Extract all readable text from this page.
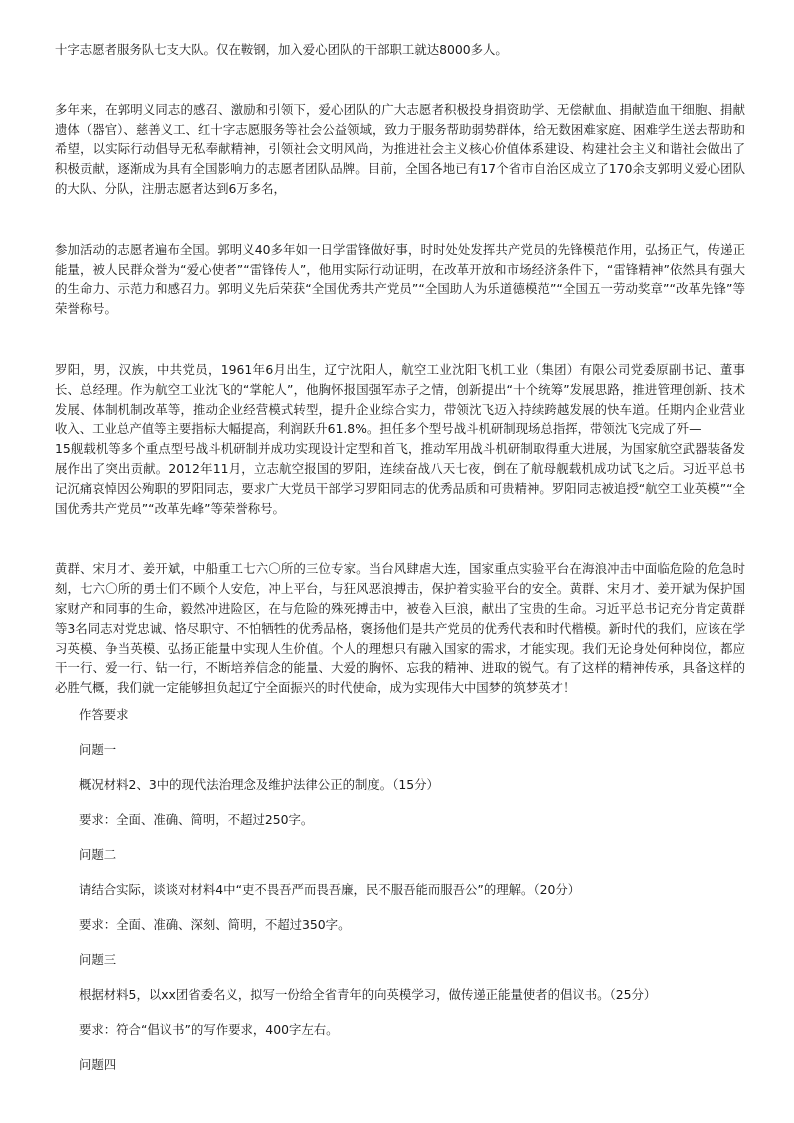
十字志愿者服务队七支大队。仅在鞍钢，加入爱心团队的干部职工就达8000多人。

多年来，在郭明义同志的感召、激励和引领下，爱心团队的广大志愿者积极投身捐资助学、无偿献血、捐献造血干细胞、捐献遗体（器官）、慈善义工、红十字志愿服务等社会公益领域，致力于服务帮助弱势群体，给无数困难家庭、困难学生送去帮助和希望，以实际行动倡导无私奉献精神，引领社会文明风尚，为推进社会主义核心价值体系建设、构建社会主义和谐社会做出了积极贡献，逐渐成为具有全国影响力的志愿者团队品牌。目前，全国各地已有17个省市自治区成立了170余支郭明义爱心团队的大队、分队，注册志愿者达到6万多名，

参加活动的志愿者遍布全国。郭明义40多年如一日学雷锋做好事，时时处处发挥共产党员的先锋模范作用，弘扬正气，传递正能量，被人民群众誉为“爱心使者”“雷锋传人”，他用实际行动证明，在改革开放和市场经济条件下，“雷锋精神”依然具有强大的生命力、示范力和感召力。郭明义先后荣获“全国优秀共产党员”“全国助人为乐道德模范”“全国五一劳动奖章”“改革先锋”等荣誉称号。

罗阳，男，汉族，中共党员，1961年6月出生，辽宁沈阳人，航空工业沈阳飞机工业（集团）有限公司党委原副书记、董事长、总经理。作为航空工业沈飞的“掌舵人”，他胸怀报国强军赤子之情，创新提出“十个统筹”发展思路，推进管理创新、技术发展、体制机制改革等，推动企业经营模式转型，提升企业综合实力，带领沈飞迈入持续跨越发展的快车道。任期内企业营业收入、工业总产值等主要指标大幅提高，利润跃升61.8%。担任多个型号战斗机研制现场总指挥，带领沈飞完成了歼—
15舰载机等多个重点型号战斗机研制并成功实现设计定型和首飞，推动军用战斗机研制取得重大进展，为国家航空武器装备发展作出了突出贡献。2012年11月，立志航空报国的罗阳，连续奋战八天七夜，倒在了航母舰载机成功试飞之后。习近平总书记沉痛哀悼因公殉职的罗阳同志，要求广大党员干部学习罗阳同志的优秀品质和可贵精神。罗阳同志被追授“航空工业英模”“全国优秀共产党员”“改革先峰”等荣誉称号。

黄群、宋月才、姜开斌，中船重工七六〇所的三位专家。当台风肆虐大连，国家重点实验平台在海浪冲击中面临危险的危急时刻，七六〇所的勇士们不顾个人安危，冲上平台，与狂风恶浪搏击，保护着实验平台的安全。黄群、宋月才、姜开斌为保护国家财产和同事的生命，毅然冲进险区，在与危险的殊死搏击中，被卷入巨浪，献出了宝贵的生命。习近平总书记充分肯定黄群等3名同志对党忠诚、恪尽职守、不怕牺牲的优秀品格，褒扬他们是共产党员的优秀代表和时代楷模。新时代的我们，应该在学习英模、争当英模、弘扬正能量中实现人生价值。个人的理想只有融入国家的需求，才能实现。我们无论身处何种岗位，都应干一行、爱一行、钻一行，不断培养信念的能量、大爱的胸怀、忘我的精神、进取的锐气。有了这样的精神传承，具备这样的必胜气概，我们就一定能够担负起辽宁全面振兴的时代使命，成为实现伟大中国梦的筑梦英才！

作答要求

问题一

概况材料2、3中的现代法治理念及维护法律公正的制度。（15分）

要求：全面、准确、简明，不超过250字。

问题二

请结合实际，谈谈对材料4中“吏不畏吾严而畏吾廉，民不服吾能而服吾公”的理解。（20分）

要求：全面、准确、深刻、简明，不超过350字。

问题三

根据材料5，以xx团省委名义，拟写一份给全省青年的向英模学习，做传递正能量使者的倡议书。（25分）

要求：符合“倡议书”的写作要求，400字左右。

问题四
